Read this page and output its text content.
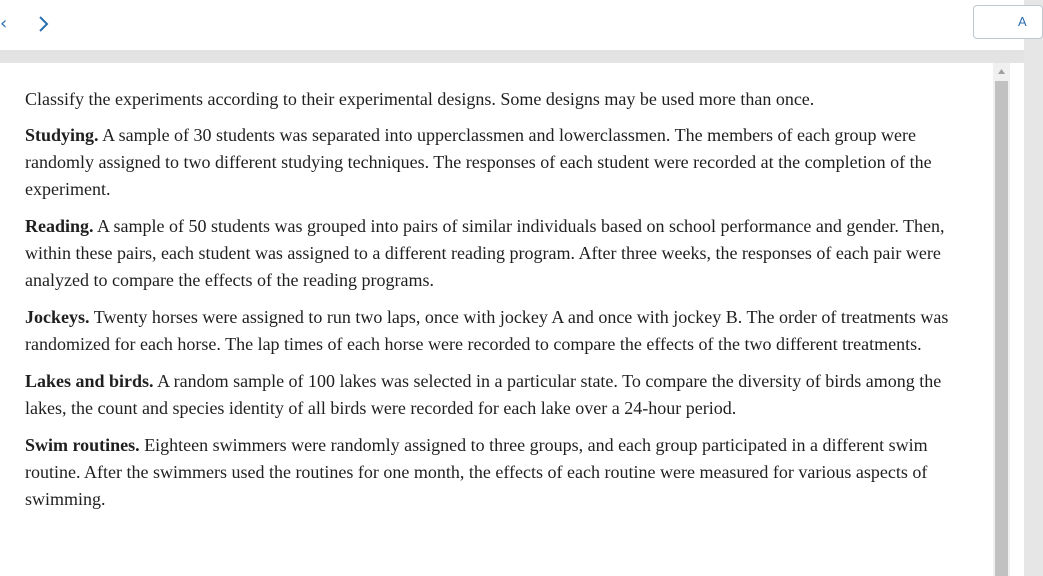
‹	A

Classify the experiments according to their experimental designs. Some designs may be used more than once.

Studying. A sample of 30 students was separated into upperclassmen and lowerclassmen. The members of each group were randomly assigned to two different studying techniques. The responses of each student were recorded at the completion of the experiment.

Reading. A sample of 50 students was grouped into pairs of similar individuals based on school performance and gender. Then, within these pairs, each student was assigned to a different reading program. After three weeks, the responses of each pair were analyzed to compare the effects of the reading programs.

Jockeys. Twenty horses were assigned to run two laps, once with jockey A and once with jockey B. The order of treatments was randomized for each horse. The lap times of each horse were recorded to compare the effects of the two different treatments.

Lakes and birds. A random sample of 100 lakes was selected in a particular state. To compare the diversity of birds among the lakes, the count and species identity of all birds were recorded for each lake over a 24-hour period.

Swim routines. Eighteen swimmers were randomly assigned to three groups, and each group participated in a different swim routine. After the swimmers used the routines for one month, the effects of each routine were measured for various aspects of swimming.
